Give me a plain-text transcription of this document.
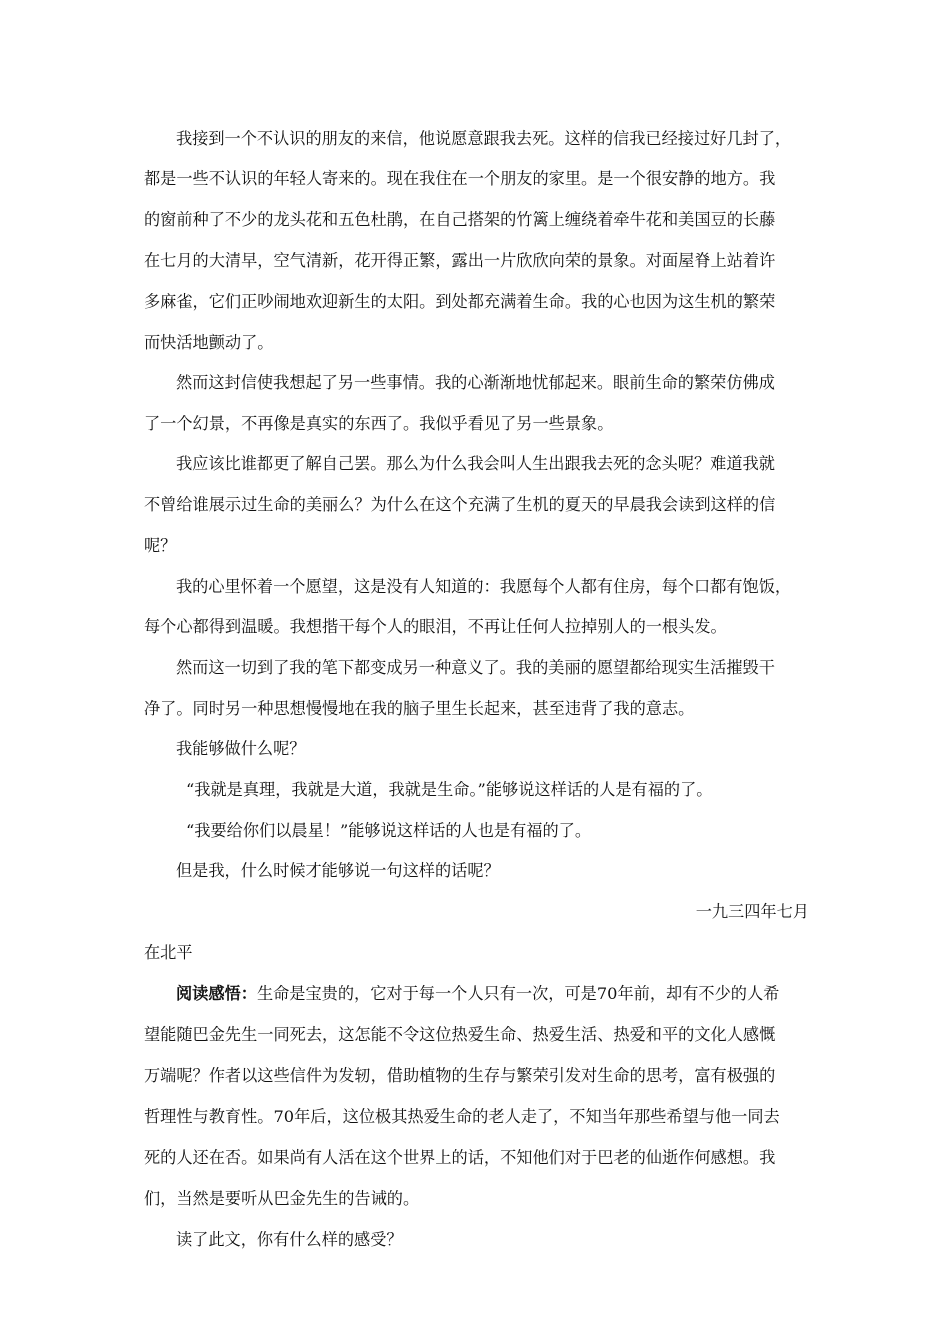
我接到一个不认识的朋友的来信，他说愿意跟我去死。这样的信我已经接过好几封了，
都是一些不认识的年轻人寄来的。现在我住在一个朋友的家里。是一个很安静的地方。我
的窗前种了不少的龙头花和五色杜鹃，在自己搭架的竹篱上缠绕着牵牛花和美国豆的长藤
在七月的大清早，空气清新，花开得正繁，露出一片欣欣向荣的景象。对面屋脊上站着许
多麻雀，它们正吵闹地欢迎新生的太阳。到处都充满着生命。我的心也因为这生机的繁荣
而快活地颤动了。
然而这封信使我想起了另一些事情。我的心渐渐地忧郁起来。眼前生命的繁荣仿佛成
了一个幻景，不再像是真实的东西了。我似乎看见了另一些景象。
我应该比谁都更了解自己罢。那么为什么我会叫人生出跟我去死的念头呢？难道我就
不曾给谁展示过生命的美丽么？为什么在这个充满了生机的夏天的早晨我会读到这样的信
呢？
我的心里怀着一个愿望，这是没有人知道的：我愿每个人都有住房，每个口都有饱饭，
每个心都得到温暖。我想揩干每个人的眼泪，不再让任何人拉掉别人的一根头发。
然而这一切到了我的笔下都变成另一种意义了。我的美丽的愿望都给现实生活摧毁干
净了。同时另一种思想慢慢地在我的脑子里生长起来，甚至违背了我的意志。
我能够做什么呢？
“我就是真理，我就是大道，我就是生命。”能够说这样话的人是有福的了。
“我要给你们以晨星！”能够说这样话的人也是有福的了。
但是我，什么时候才能够说一句这样的话呢？
一九三四年七月
在北平
阅读感悟：生命是宝贵的，它对于每一个人只有一次，可是70年前，却有不少的人希
望能随巴金先生一同死去，这怎能不令这位热爱生命、热爱生活、热爱和平的文化人感慨
万端呢？作者以这些信件为发轫，借助植物的生存与繁荣引发对生命的思考，富有极强的
哲理性与教育性。70年后，这位极其热爱生命的老人走了，不知当年那些希望与他一同去
死的人还在否。如果尚有人活在这个世界上的话，不知他们对于巴老的仙逝作何感想。我
们，当然是要听从巴金先生的告诫的。
读了此文，你有什么样的感受？
